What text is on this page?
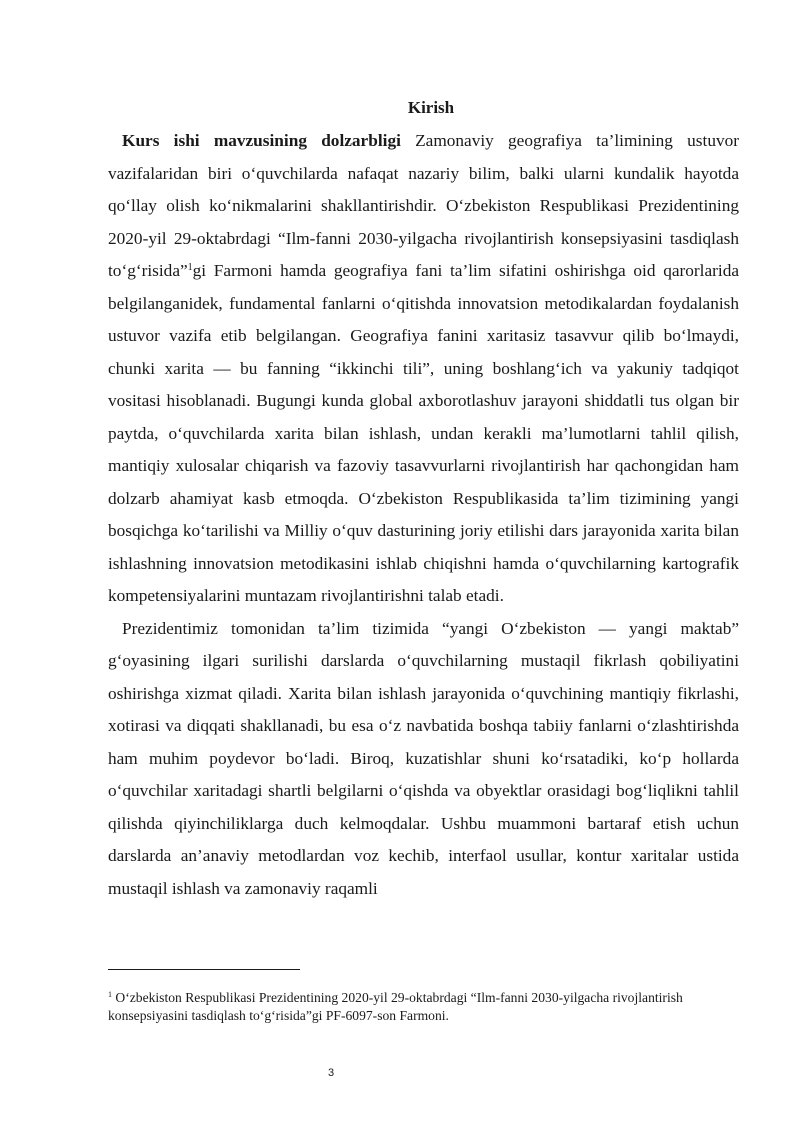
Kirish

Kurs ishi mavzusining dolzarbligi Zamonaviy geografiya ta’limining ustuvor vazifalaridan biri o‘quvchilarda nafaqat nazariy bilim, balki ularni kundalik hayotda qo‘llay olish ko‘nikmalarini shakllantirishdir. O‘zbekiston Respublikasi Prezidentining 2020-yil 29-oktabrdagi “Ilm-fanni 2030-yilgacha rivojlantirish konsepsiyasini tasdiqlash to‘g‘risida”$^1$gi Farmoni hamda geografiya fani ta’lim sifatini oshirishga oid qarorlarida belgilanganidek, fundamental fanlarni o‘qitishda innovatsion metodikalardan foydalanish ustuvor vazifa etib belgilangan. Geografiya fanini xaritasiz tasavvur qilib bo‘lmaydi, chunki xarita — bu fanning “ikkinchi tili”, uning boshlang‘ich va yakuniy tadqiqot vositasi hisoblanadi. Bugungi kunda global axborotlashuv jarayoni shiddatli tus olgan bir paytda, o‘quvchilarda xarita bilan ishlash, undan kerakli ma’lumotlarni tahlil qilish, mantiqiy xulosalar chiqarish va fazoviy tasavvurlarni rivojlantirish har qachongidan ham dolzarb ahamiyat kasb etmoqda. O‘zbekiston Respublikasida ta’lim tizimining yangi bosqichga ko‘tarilishi va Milliy o‘quv dasturining joriy etilishi dars jarayonida xarita bilan ishlashning innovatsion metodikasini ishlab chiqishni hamda o‘quvchilarning kartografik kompetensiyalarini muntazam rivojlantirishni talab etadi.

Prezidentimiz tomonidan ta’lim tizimida “yangi O‘zbekiston — yangi maktab” g‘oyasining ilgari surilishi darslarda o‘quvchilarning mustaqil fikrlash qobiliyatini oshirishga xizmat qiladi. Xarita bilan ishlash jarayonida o‘quvchining mantiqiy fikrlashi, xotirasi va diqqati shakllanadi, bu esa o‘z navbatida boshqa tabiiy fanlarni o‘zlashtirishda ham muhim poydevor bo‘ladi. Biroq, kuzatishlar shuni ko‘rsatadiki, ko‘p hollarda o‘quvchilar xaritadagi shartli belgilarni o‘qishda va obyektlar orasidagi bog‘liqlikni tahlil qilishda qiyinchiliklarga duch kelmoqdalar. Ushbu muammoni bartaraf etish uchun darslarda an’anaviy metodlardan voz kechib, interfaol usullar, kontur xaritalar ustida mustaqil ishlash va zamonaviy raqamli

$^1$ O‘zbekiston Respublikasi Prezidentining 2020-yil 29-oktabrdagi “Ilm-fanni 2030-yilgacha rivojlantirish konsepsiyasini tasdiqlash to‘g‘risida”gi PF-6097-son Farmoni.
3
